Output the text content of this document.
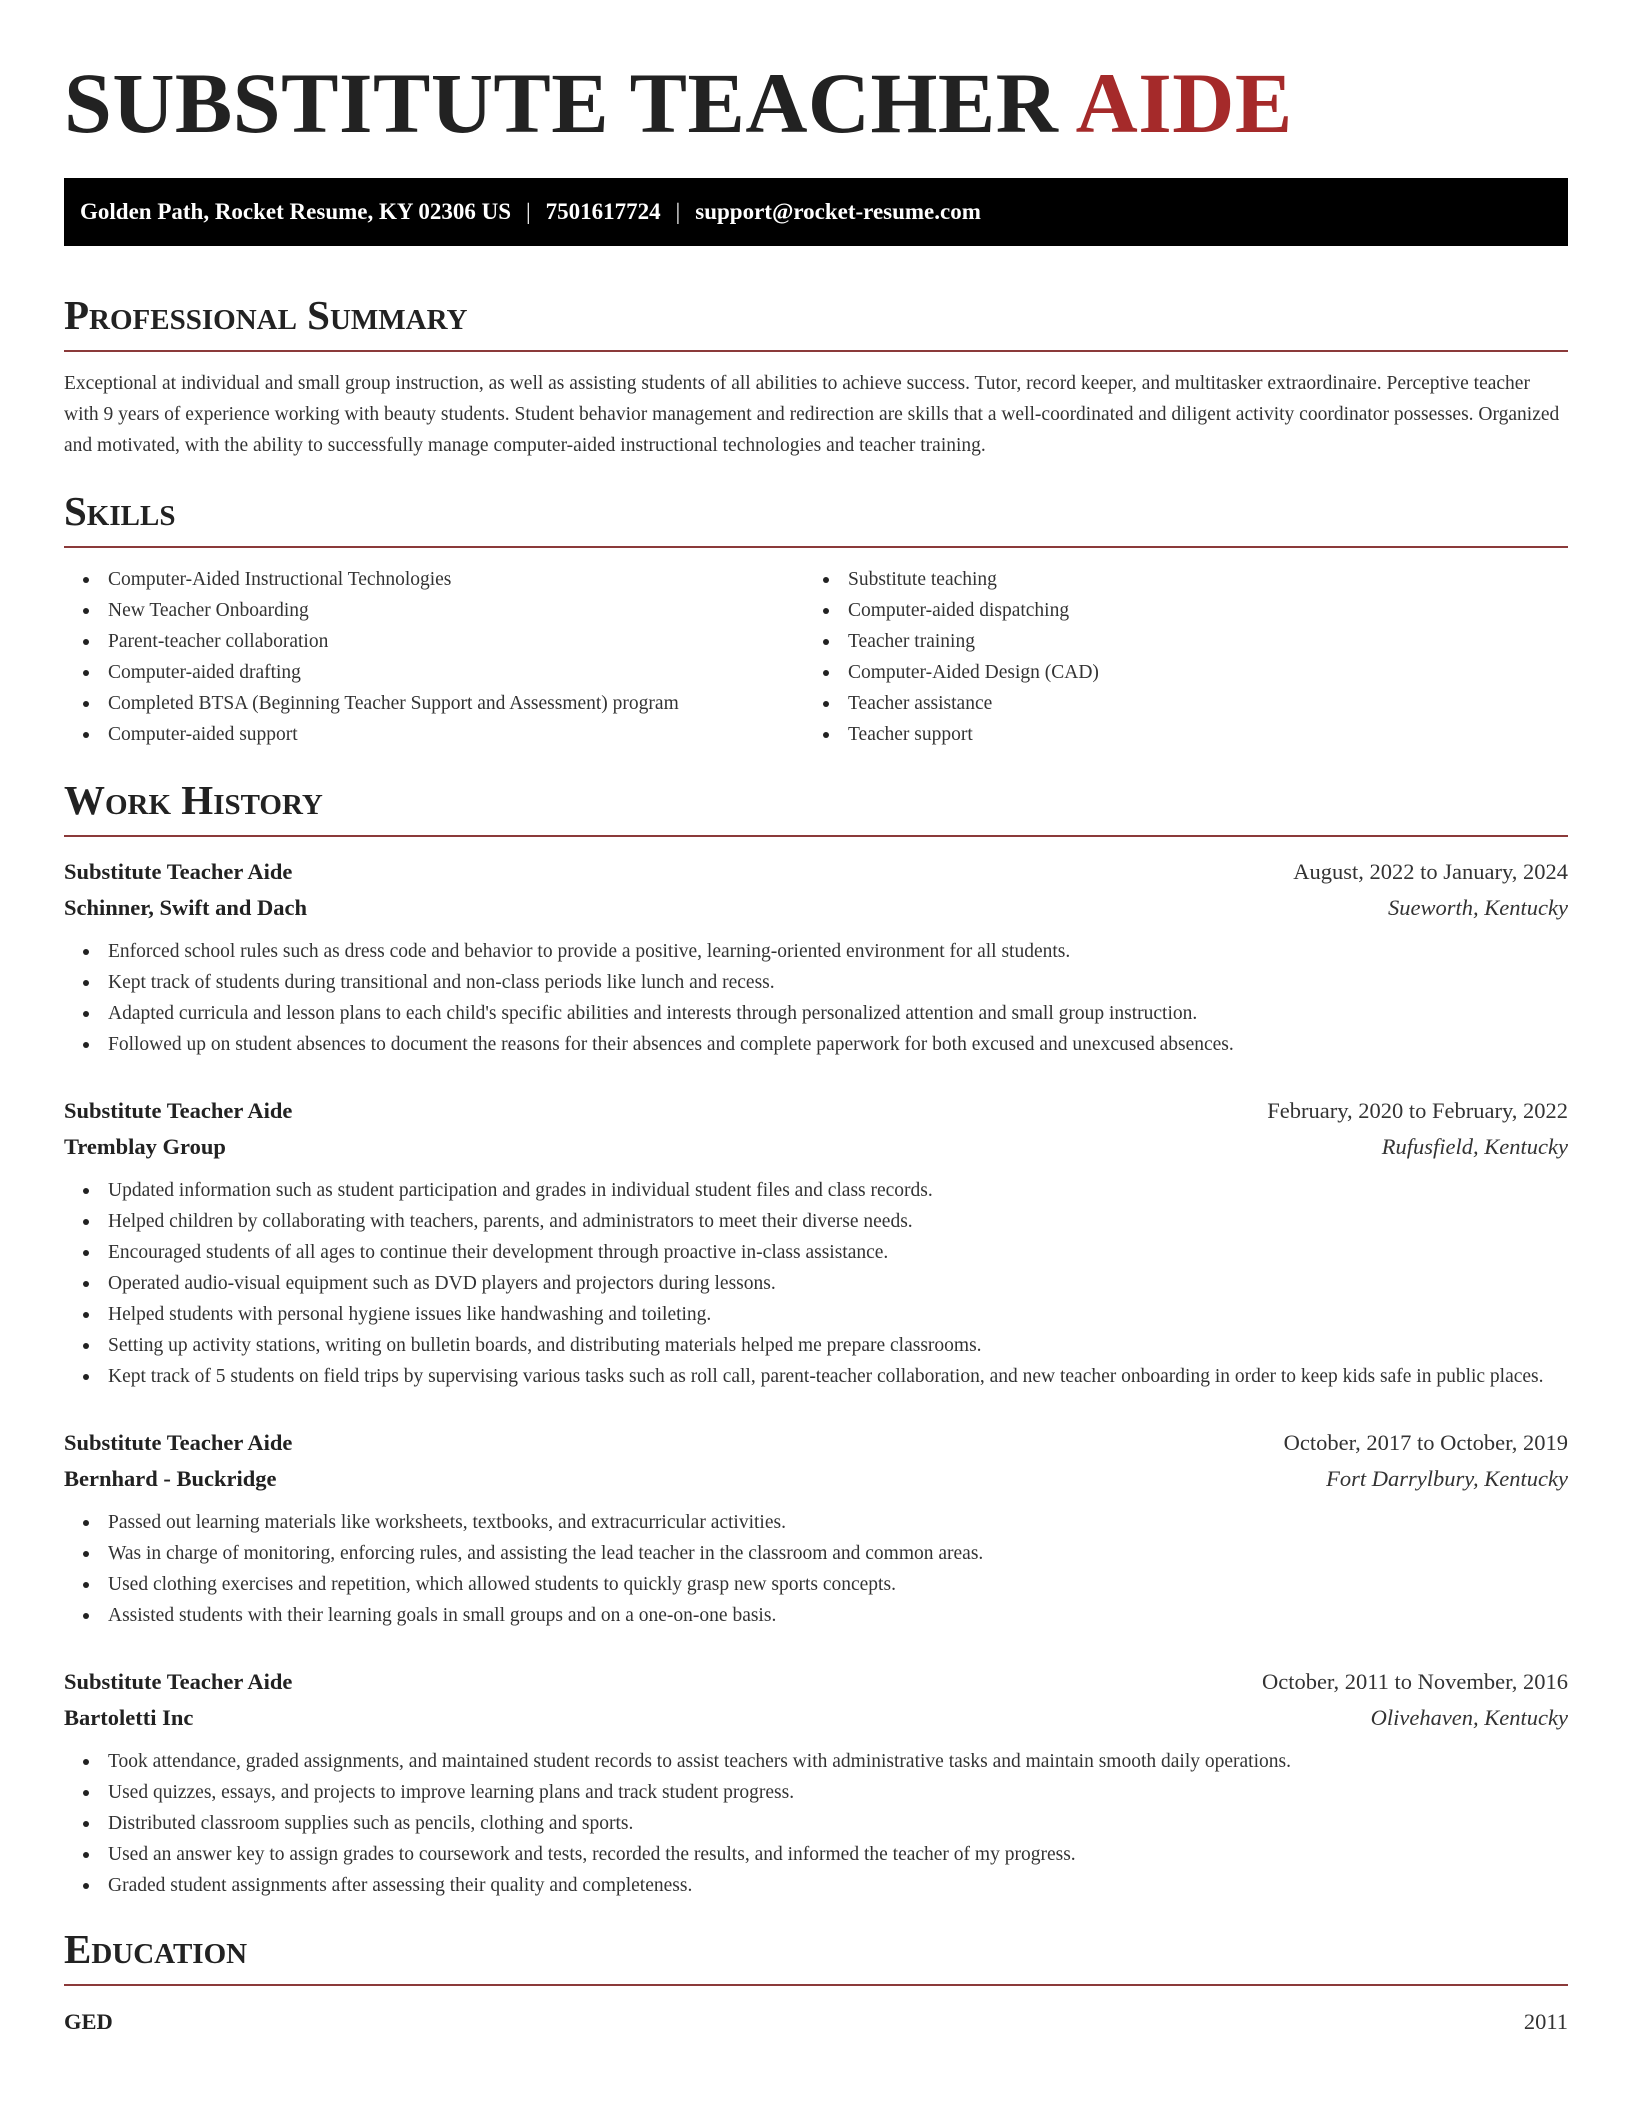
SUBSTITUTE TEACHER AIDE
Golden Path, Rocket Resume, KY 02306 US | 7501617724 | support@rocket-resume.com
Professional Summary

Exceptional at individual and small group instruction, as well as assisting students of all abilities to achieve success. Tutor, record keeper, and multitasker extraordinaire. Perceptive teacher with 9 years of experience working with beauty students. Student behavior management and redirection are skills that a well-coordinated and diligent activity coordinator possesses. Organized and motivated, with the ability to successfully manage computer-aided instructional technologies and teacher training.

Skills
Computer-Aided Instructional Technologies
New Teacher Onboarding
Parent-teacher collaboration
Computer-aided drafting
Completed BTSA (Beginning Teacher Support and Assessment) program
Computer-aided support
Substitute teaching
Computer-aided dispatching
Teacher training
Computer-Aided Design (CAD)
Teacher assistance
Teacher support
Work History
Substitute Teacher Aide	August, 2022 to January, 2024
Schinner, Swift and Dach	Sueworth, Kentucky
Enforced school rules such as dress code and behavior to provide a positive, learning-oriented environment for all students.
Kept track of students during transitional and non-class periods like lunch and recess.
Adapted curricula and lesson plans to each child's specific abilities and interests through personalized attention and small group instruction.
Followed up on student absences to document the reasons for their absences and complete paperwork for both excused and unexcused absences.
Substitute Teacher Aide	February, 2020 to February, 2022
Tremblay Group	Rufusfield, Kentucky
Updated information such as student participation and grades in individual student files and class records.
Helped children by collaborating with teachers, parents, and administrators to meet their diverse needs.
Encouraged students of all ages to continue their development through proactive in-class assistance.
Operated audio-visual equipment such as DVD players and projectors during lessons.
Helped students with personal hygiene issues like handwashing and toileting.
Setting up activity stations, writing on bulletin boards, and distributing materials helped me prepare classrooms.
Kept track of 5 students on field trips by supervising various tasks such as roll call, parent-teacher collaboration, and new teacher onboarding in order to keep kids safe in public places.
Substitute Teacher Aide	October, 2017 to October, 2019
Bernhard - Buckridge	Fort Darrylbury, Kentucky
Passed out learning materials like worksheets, textbooks, and extracurricular activities.
Was in charge of monitoring, enforcing rules, and assisting the lead teacher in the classroom and common areas.
Used clothing exercises and repetition, which allowed students to quickly grasp new sports concepts.
Assisted students with their learning goals in small groups and on a one-on-one basis.
Substitute Teacher Aide	October, 2011 to November, 2016
Bartoletti Inc	Olivehaven, Kentucky
Took attendance, graded assignments, and maintained student records to assist teachers with administrative tasks and maintain smooth daily operations.
Used quizzes, essays, and projects to improve learning plans and track student progress.
Distributed classroom supplies such as pencils, clothing and sports.
Used an answer key to assign grades to coursework and tests, recorded the results, and informed the teacher of my progress.
Graded student assignments after assessing their quality and completeness.
Education
GED	2011
